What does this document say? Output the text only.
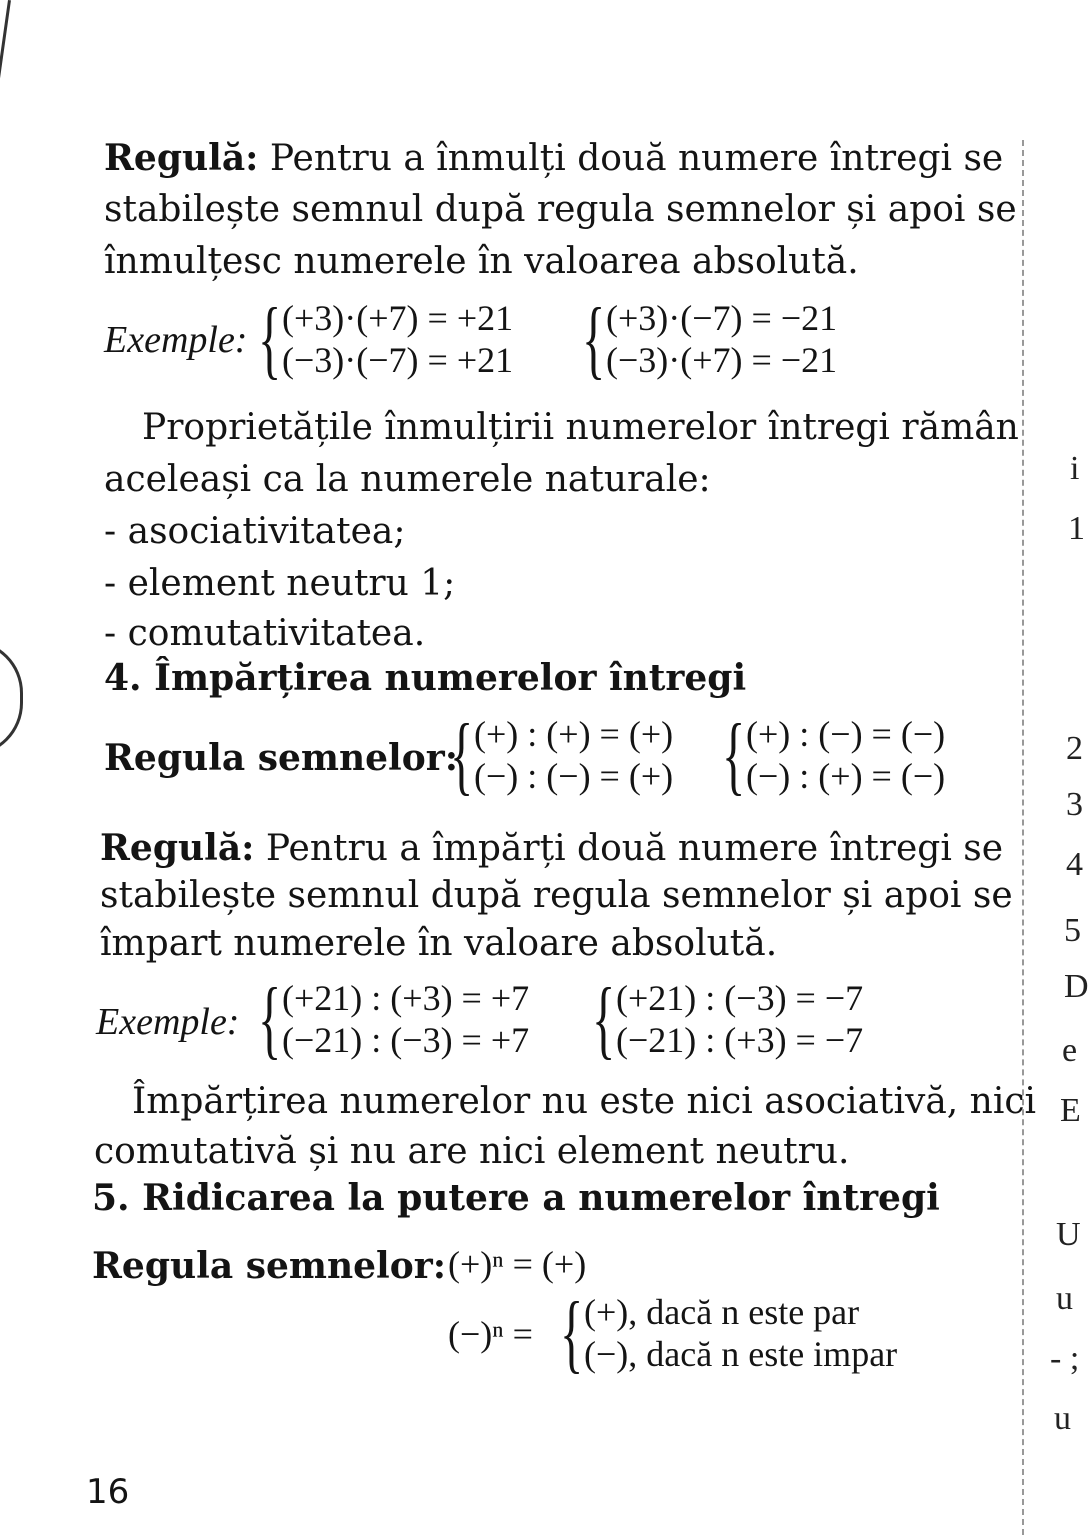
Regulă: Pentru a înmulți două numere întregi se
stabilește semnul după regula semnelor și apoi se
înmulțesc numerele în valoarea absolută.
Exemple: { (+3)·(+7) = +21
(−3)·(−7) = +21 { (+3)·(−7) = −21
(−3)·(+7) = −21
Proprietățile înmulțirii numerelor întregi rămân
aceleași ca la numerele naturale:
- asociativitatea;
- element neutru 1;
- comutativitatea.
4. Împărțirea numerelor întregi
Regula semnelor:
{ (+) : (+) = (+)
(−) : (−) = (+) { (+) : (−) = (−)
(−) : (+) = (−)
Regulă: Pentru a împărți două numere întregi se
stabilește semnul după regula semnelor și apoi se
împart numerele în valoare absolută.
Exemple: { (+21) : (+3) = +7
(−21) : (−3) = +7 { (+21) : (−3) = −7
(−21) : (+3) = −7
Împărțirea numerelor nu este nici asociativă, nici
comutativă și nu are nici element neutru.
5. Ridicarea la putere a numerelor întregi
Regula semnelor: (+)ⁿ = (+)
(−)ⁿ = { (+), dacă n este par
(−), dacă n este impar
16
i
1
2
3
4
5
D
e
E
U
u
- ;
u
